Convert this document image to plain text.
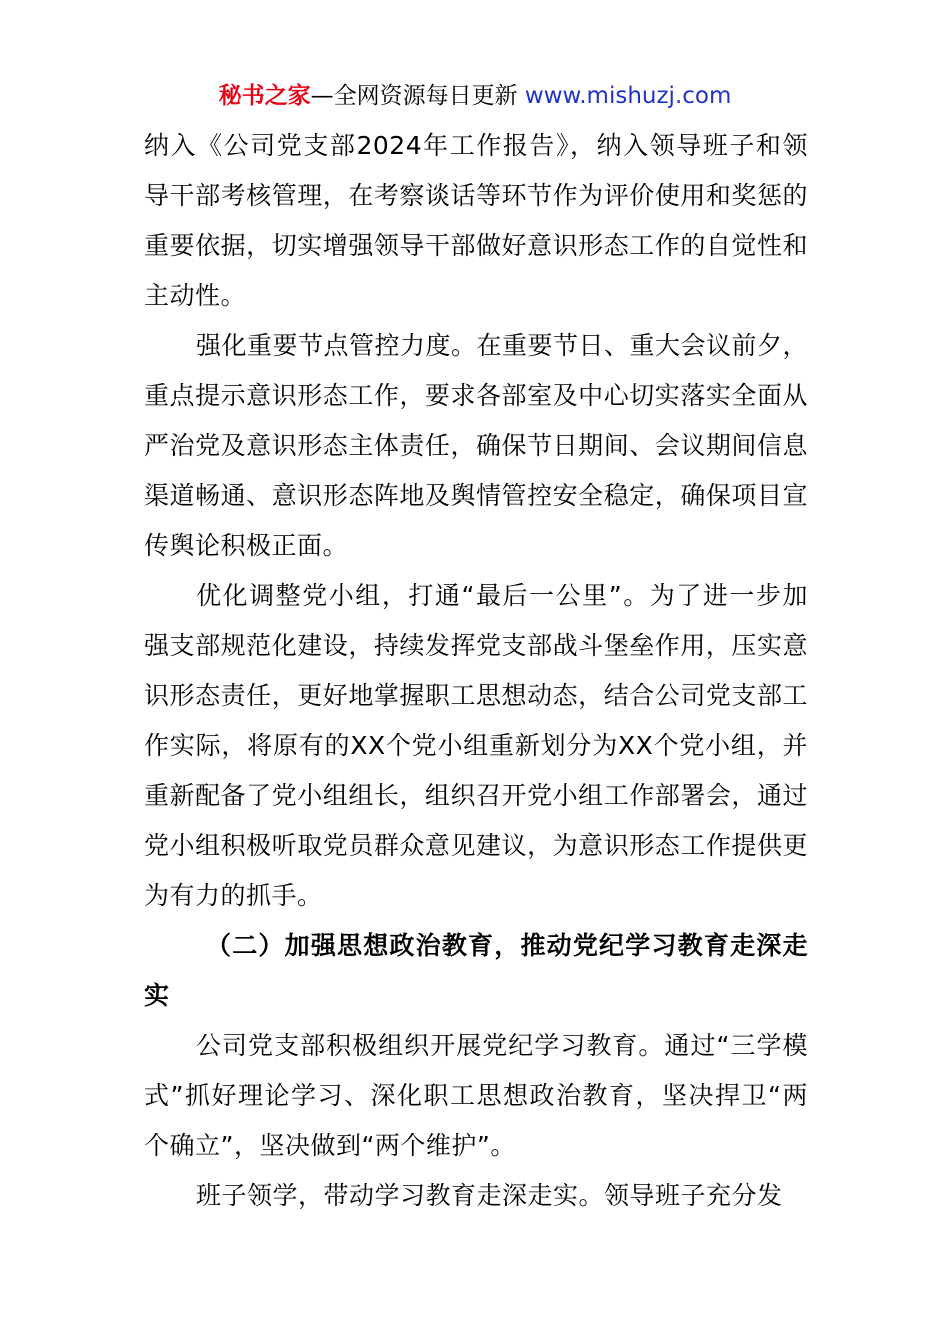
秘书之家—全网资源每日更新 www.mishuzj.com

纳入《公司党支部2024年工作报告》，纳入领导班子和领导干部考核管理，在考察谈话等环节作为评价使用和奖惩的重要依据，切实增强领导干部做好意识形态工作的自觉性和主动性。

强化重要节点管控力度。在重要节日、重大会议前夕，重点提示意识形态工作，要求各部室及中心切实落实全面从严治党及意识形态主体责任，确保节日期间、会议期间信息渠道畅通、意识形态阵地及舆情管控安全稳定，确保项目宣传舆论积极正面。

优化调整党小组，打通“最后一公里”。为了进一步加强支部规范化建设，持续发挥党支部战斗堡垒作用，压实意识形态责任，更好地掌握职工思想动态，结合公司党支部工作实际，将原有的XX个党小组重新划分为XX个党小组，并重新配备了党小组组长，组织召开党小组工作部署会，通过党小组积极听取党员群众意见建议，为意识形态工作提供更为有力的抓手。

（二）加强思想政治教育，推动党纪学习教育走深走实

公司党支部积极组织开展党纪学习教育。通过“三学模式”抓好理论学习、深化职工思想政治教育，坚决捍卫“两个确立”，坚决做到“两个维护”。

班子领学，带动学习教育走深走实。领导班子充分发
